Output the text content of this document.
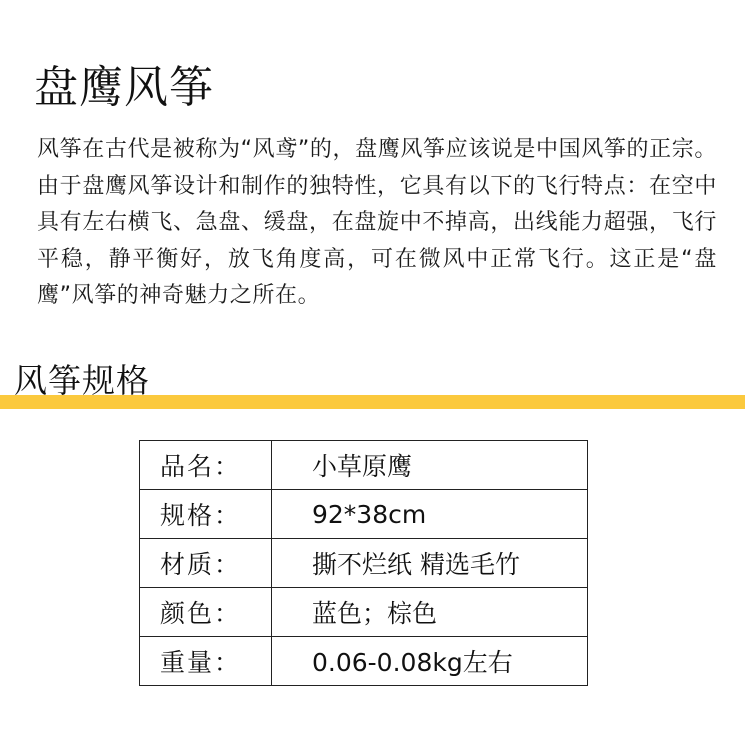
盘鹰风筝

风筝在古代是被称为“风鸢”的，盘鹰风筝应该说是中国风筝的正宗。由于盘鹰风筝设计和制作的独特性，它具有以下的飞行特点：在空中具有左右横飞、急盘、缓盘，在盘旋中不掉高，出线能力超强，飞行平稳，静平衡好，放飞角度高，可在微风中正常飞行。这正是“盘鹰”风筝的神奇魅力之所在。

风筝规格
品名：	小草原鹰
规格：	92*38cm
材质：	撕不烂纸 精选毛竹
颜色：	蓝色；棕色
重量：	0.06-0.08kg左右
